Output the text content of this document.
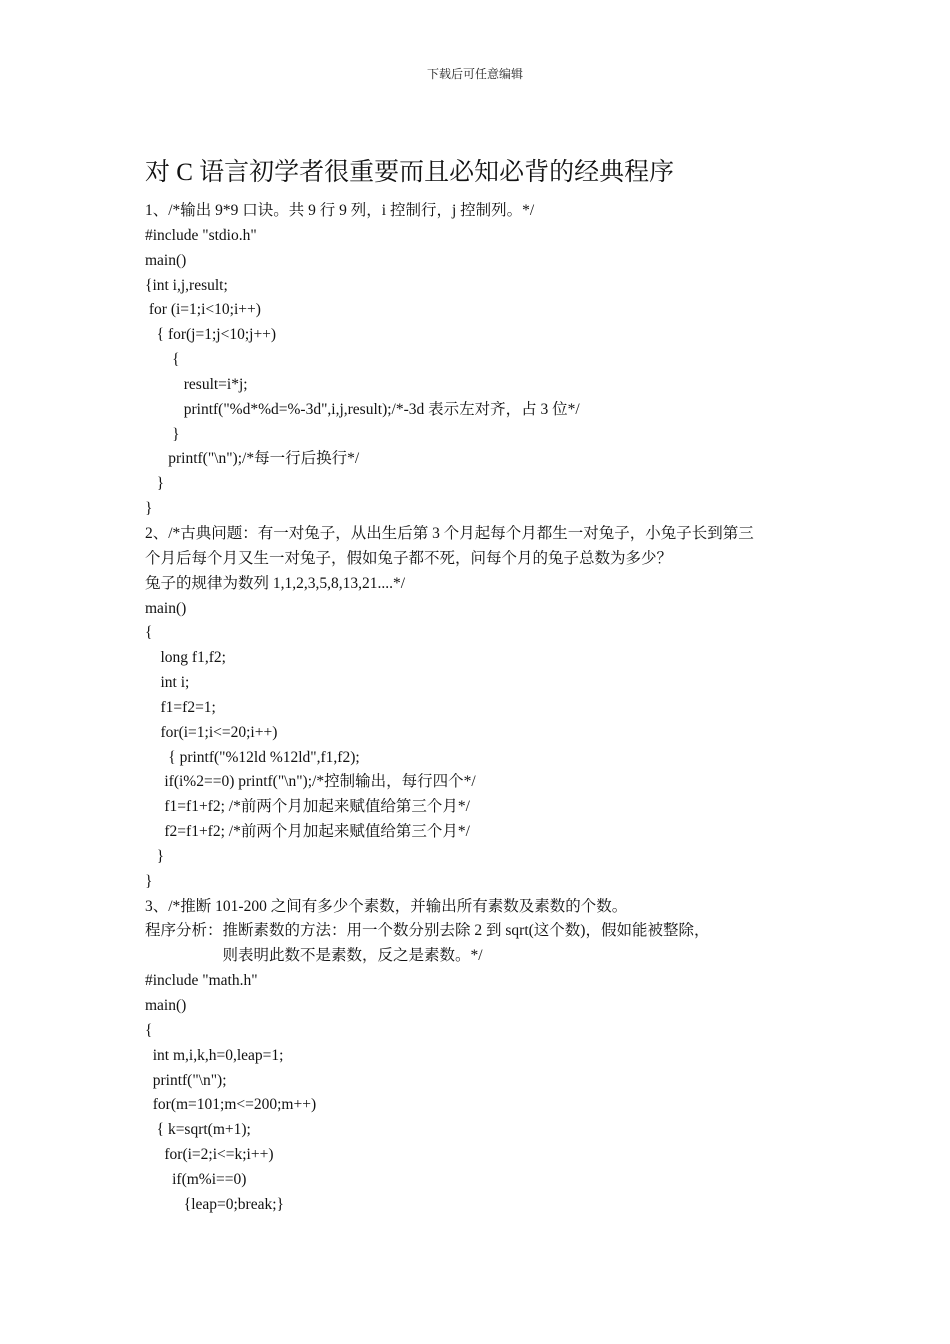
下载后可任意编辑
对 C 语言初学者很重要而且必知必背的经典程序
1、/*输出 9*9 口诀。共 9 行 9 列，i 控制行，j 控制列。*/
#include "stdio.h"
main()
{int i,j,result;
for (i=1;i<10;i++)
{ for(j=1;j<10;j++)
{
result=i*j;
printf("%d*%d=%-3d",i,j,result);/*-3d 表示左对齐，占 3 位*/
}
printf("\n");/*每一行后换行*/
}
}
2、/*古典问题：有一对兔子，从出生后第 3 个月起每个月都生一对兔子，小兔子长到第三
个月后每个月又生一对兔子，假如兔子都不死，问每个月的兔子总数为多少？
兔子的规律为数列 1,1,2,3,5,8,13,21....*/
main()
{
long f1,f2;
int i;
f1=f2=1;
for(i=1;i<=20;i++)
{ printf("%12ld %12ld",f1,f2);
if(i%2==0) printf("\n");/*控制输出，每行四个*/
f1=f1+f2; /*前两个月加起来赋值给第三个月*/
f2=f1+f2; /*前两个月加起来赋值给第三个月*/
}
}
3、/*推断 101-200 之间有多少个素数，并输出所有素数及素数的个数。
程序分析：推断素数的方法：用一个数分别去除 2 到 sqrt(这个数)，假如能被整除，
则表明此数不是素数，反之是素数。*/
#include "math.h"
main()
{
int m,i,k,h=0,leap=1;
printf("\n");
for(m=101;m<=200;m++)
{ k=sqrt(m+1);
for(i=2;i<=k;i++)
if(m%i==0)
{leap=0;break;}
